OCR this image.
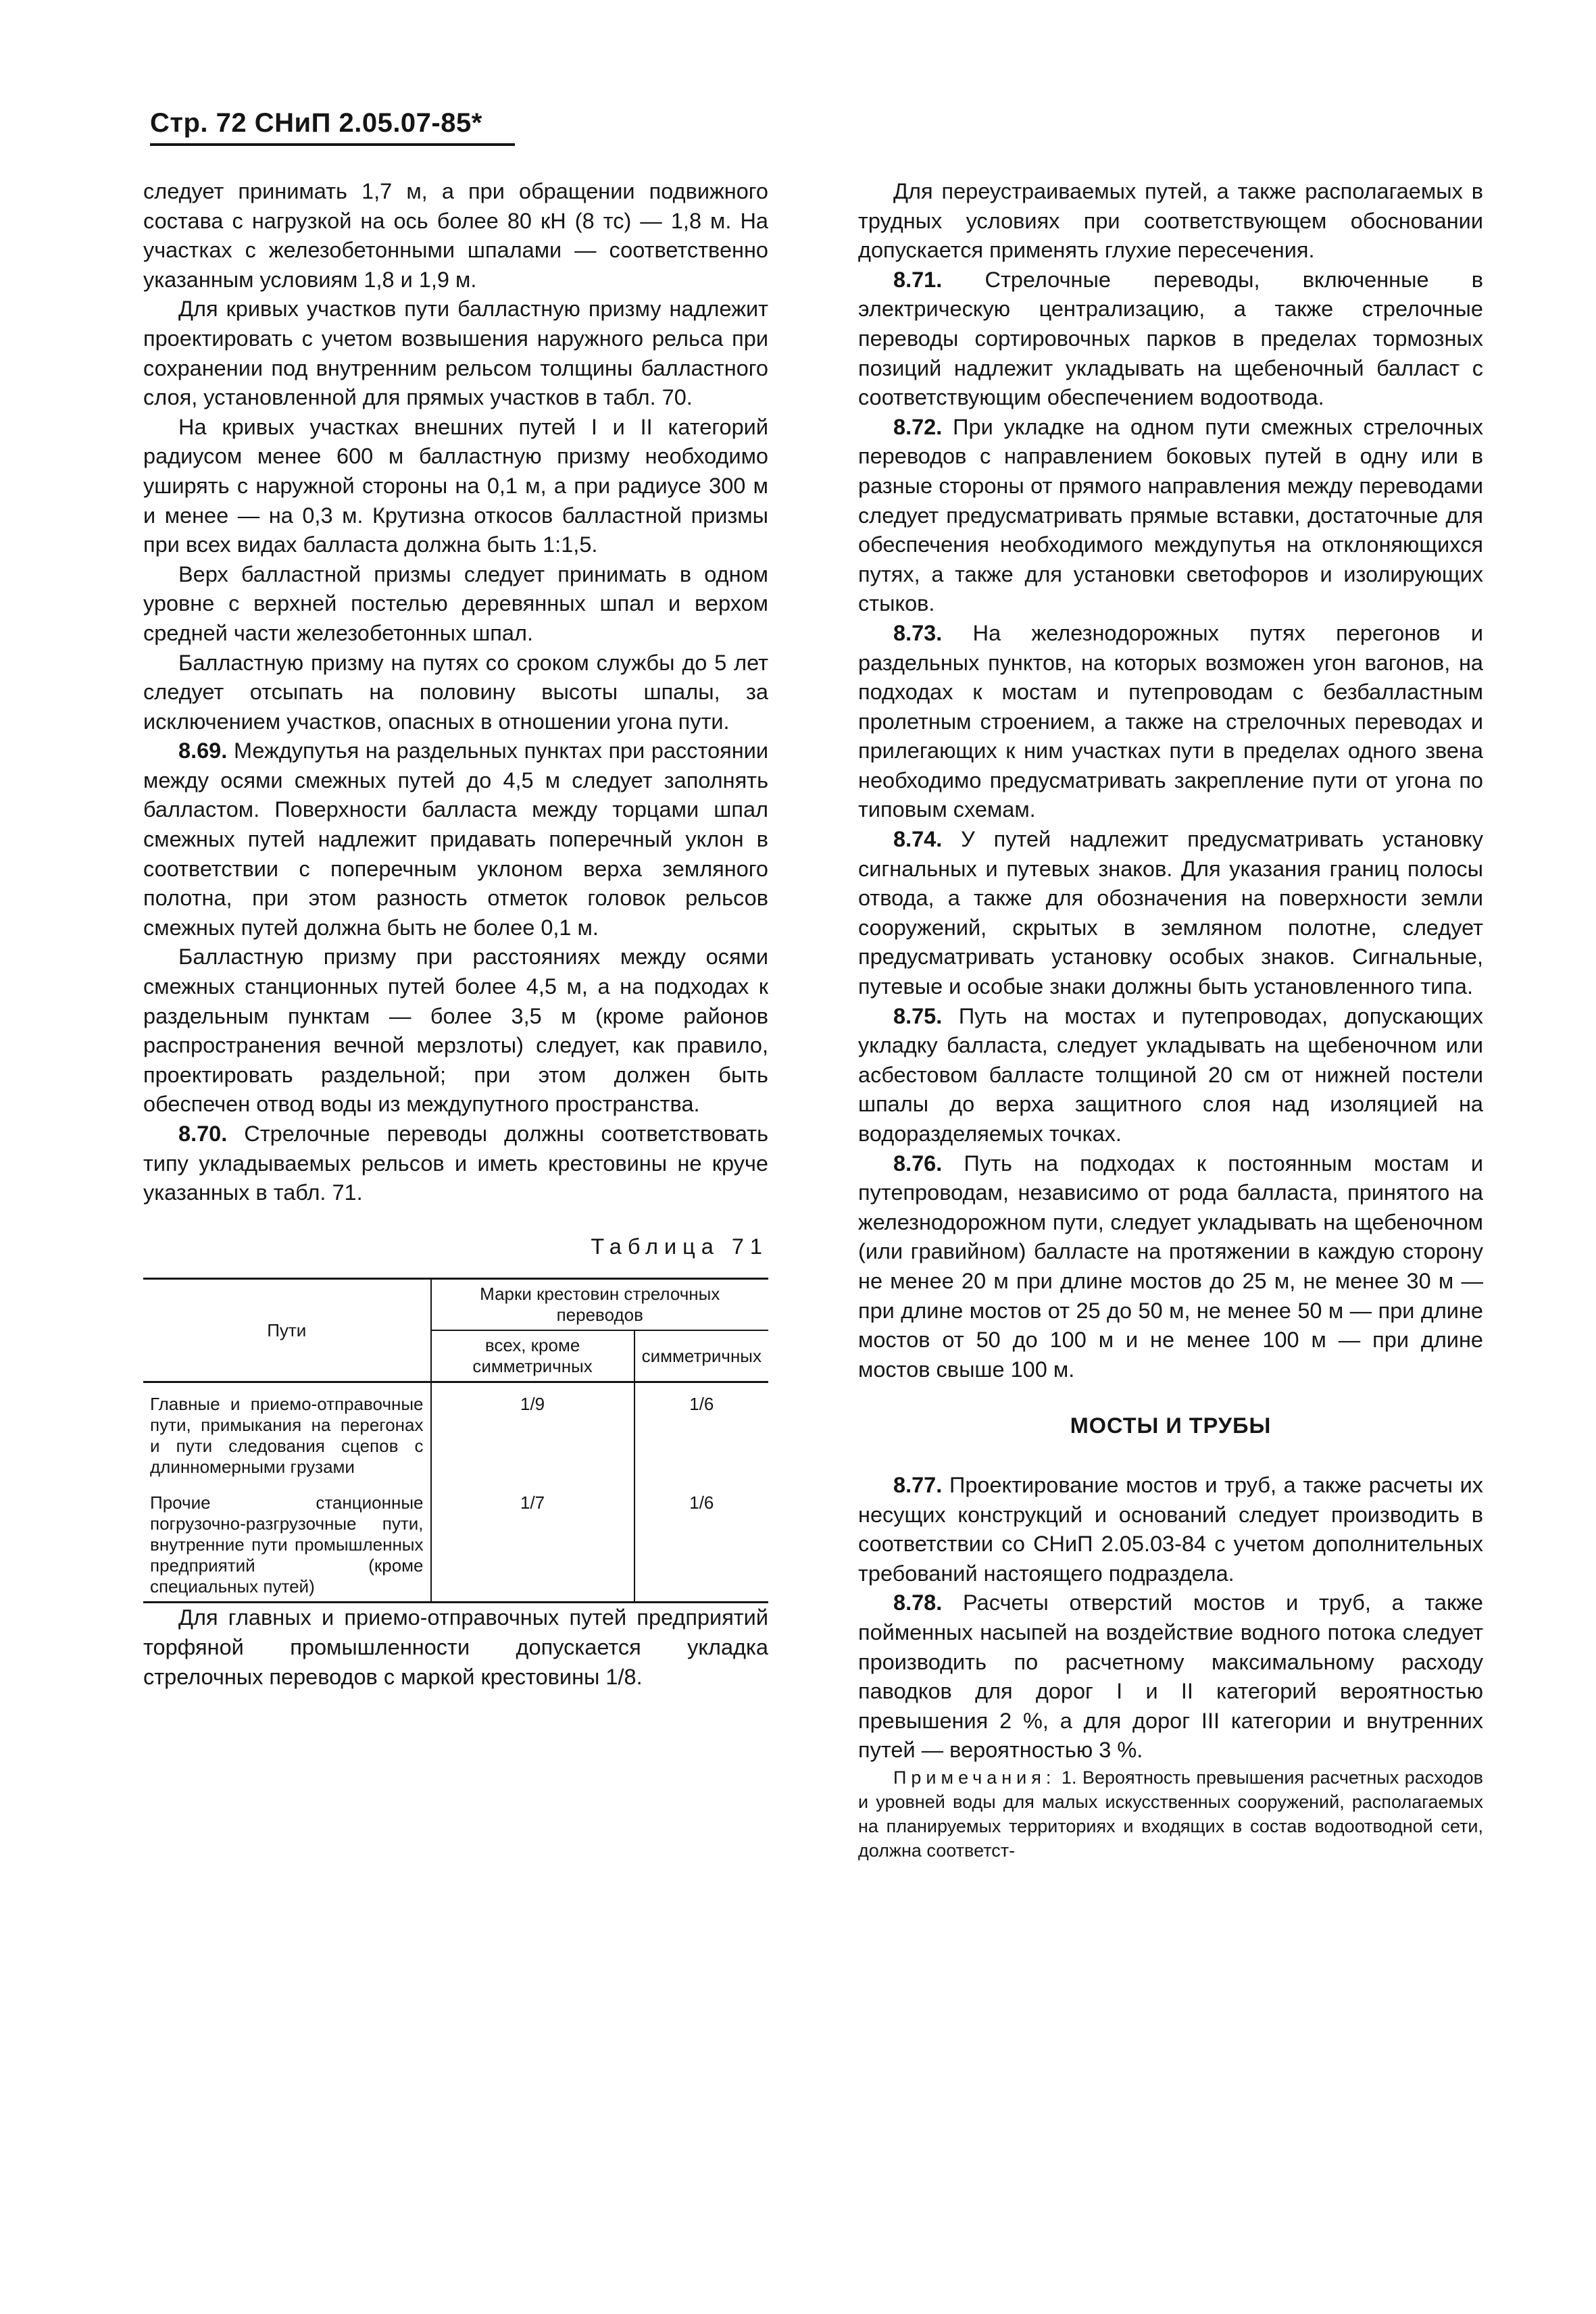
Стр. 72 СНиП 2.05.07-85*

следует принимать 1,7 м, а при обращении подвижного состава с нагрузкой на ось более 80 кН (8 тс) — 1,8 м. На участках с железобетонными шпалами — соответственно указанным условиям 1,8 и 1,9 м.

Для кривых участков пути балластную призму надлежит проектировать с учетом возвышения наружного рельса при сохранении под внутренним рельсом толщины балластного слоя, установленной для прямых участков в табл. 70.

На кривых участках внешних путей I и II категорий радиусом менее 600 м балластную призму необходимо уширять с наружной стороны на 0,1 м, а при радиусе 300 м и менее — на 0,3 м. Крутизна откосов балластной призмы при всех видах балласта должна быть 1:1,5.

Верх балластной призмы следует принимать в одном уровне с верхней постелью деревянных шпал и верхом средней части железобетонных шпал.

Балластную призму на путях со сроком службы до 5 лет следует отсыпать на половину высоты шпалы, за исключением участков, опасных в отношении угона пути.

8.69. Междупутья на раздельных пунктах при расстоянии между осями смежных путей до 4,5 м следует заполнять балластом. Поверхности балласта между торцами шпал смежных путей надлежит придавать поперечный уклон в соответствии с поперечным уклоном верха земляного полотна, при этом разность отметок головок рельсов смежных путей должна быть не более 0,1 м.

Балластную призму при расстояниях между осями смежных станционных путей более 4,5 м, а на подходах к раздельным пунктам — более 3,5 м (кроме районов распространения вечной мерзлоты) следует, как правило, проектировать раздельной; при этом должен быть обеспечен отвод воды из междупутного пространства.

8.70. Стрелочные переводы должны соответствовать типу укладываемых рельсов и иметь крестовины не круче указанных в табл. 71.

Таблица 71
Пути	Марки крестовин стрелочных переводов	
	всех, кроме симметричных	симметричных
Главные и приемо-отправочные пути, примыкания на перегонах и пути следования сцепов с длинномерными грузами	1/9	1/6
Прочие станционные погрузочно-разгрузочные пути, внутренние пути промышленных предприятий (кроме специальных путей)	1/7	1/6

Для главных и приемо-отправочных путей предприятий торфяной промышленности допускается укладка стрелочных переводов с маркой крестовины 1/8.

Для переустраиваемых путей, а также располагаемых в трудных условиях при соответствующем обосновании допускается применять глухие пересечения.

8.71. Стрелочные переводы, включенные в электрическую централизацию, а также стрелочные переводы сортировочных парков в пределах тормозных позиций надлежит укладывать на щебеночный балласт с соответствующим обеспечением водоотвода.

8.72. При укладке на одном пути смежных стрелочных переводов с направлением боковых путей в одну или в разные стороны от прямого направления между переводами следует предусматривать прямые вставки, достаточные для обеспечения необходимого междупутья на отклоняющихся путях, а также для установки светофоров и изолирующих стыков.

8.73. На железнодорожных путях перегонов и раздельных пунктов, на которых возможен угон вагонов, на подходах к мостам и путепроводам с безбалластным пролетным строением, а также на стрелочных переводах и прилегающих к ним участках пути в пределах одного звена необходимо предусматривать закрепление пути от угона по типовым схемам.

8.74. У путей надлежит предусматривать установку сигнальных и путевых знаков. Для указания границ полосы отвода, а также для обозначения на поверхности земли сооружений, скрытых в земляном полотне, следует предусматривать установку особых знаков. Сигнальные, путевые и особые знаки должны быть установленного типа.

8.75. Путь на мостах и путепроводах, допускающих укладку балласта, следует укладывать на щебеночном или асбестовом балласте толщиной 20 см от нижней постели шпалы до верха защитного слоя над изоляцией на водоразделяемых точках.

8.76. Путь на подходах к постоянным мостам и путепроводам, независимо от рода балласта, принятого на железнодорожном пути, следует укладывать на щебеночном (или гравийном) балласте на протяжении в каждую сторону не менее 20 м при длине мостов до 25 м, не менее 30 м — при длине мостов от 25 до 50 м, не менее 50 м — при длине мостов от 50 до 100 м и не менее 100 м — при длине мостов свыше 100 м.

МОСТЫ И ТРУБЫ

8.77. Проектирование мостов и труб, а также расчеты их несущих конструкций и оснований следует производить в соответствии со СНиП 2.05.03-84 с учетом дополнительных требований настоящего подраздела.

8.78. Расчеты отверстий мостов и труб, а также пойменных насыпей на воздействие водного потока следует производить по расчетному максимальному расходу паводков для дорог I и II категорий вероятностью превышения 2 %, а для дорог III категории и внутренних путей — вероятностью 3 %.

Примечания: 1. Вероятность превышения расчетных расходов и уровней воды для малых искусственных сооружений, располагаемых на планируемых территориях и входящих в состав водоотводной сети, должна соответст-
